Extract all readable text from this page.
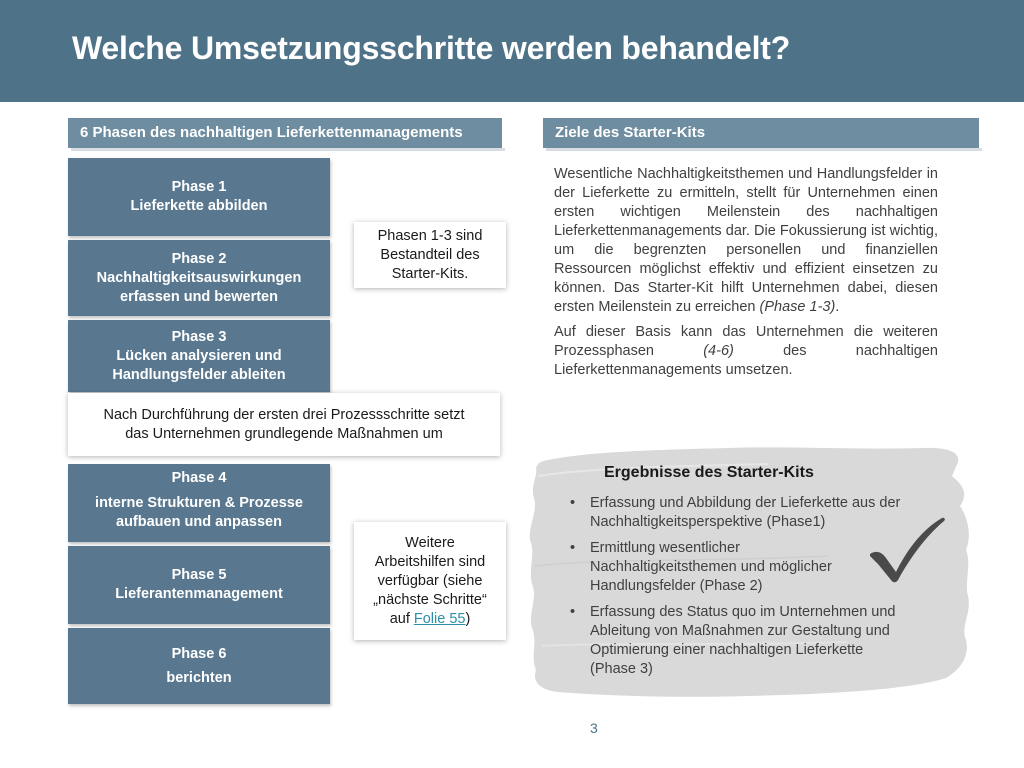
Welche Umsetzungsschritte werden behandelt?
6 Phasen des nachhaltigen Lieferkettenmanagements	Ziele des Starter-Kits
Phase 1
Lieferkette abbilden
Phase 2
Nachhaltigkeitsauswirkungen
erfassen und bewerten
Phase 3
Lücken analysieren und
Handlungsfelder ableiten
Nach Durchführung der ersten drei Prozessschritte setzt
das Unternehmen grundlegende Maßnahmen um
Phase 4
interne Strukturen & Prozesse
aufbauen und anpassen
Phase 5
Lieferantenmanagement
Phase 6
berichten
Phasen 1-3 sind
Bestandteil des
Starter-Kits.
Weitere
Arbeitshilfen sind
verfügbar (siehe
„nächste Schritte“
auf Folie 55)

Wesentliche Nachhaltigkeitsthemen und Handlungsfelder in der Lieferkette zu ermitteln, stellt für Unternehmen einen ersten wichtigen Meilenstein des nachhaltigen Lieferkettenmanagements dar. Die Fokussierung ist wichtig, um die begrenzten personellen und finanziellen Ressourcen möglichst effektiv und effizient einsetzen zu können. Das Starter-Kit hilft Unternehmen dabei, diesen ersten Meilenstein zu erreichen (Phase 1-3).

Auf dieser Basis kann das Unternehmen die weiteren Prozessphasen (4-6) des nachhaltigen Lieferkettenmanagements umsetzen.

Ergebnisse des Starter-Kits
• Erfassung und Abbildung der Lieferkette aus der Nachhaltigkeitsperspektive (Phase1)
• Ermittlung wesentlicher Nachhaltigkeitsthemen und möglicher Handlungsfelder (Phase 2)
• Erfassung des Status quo im Unternehmen und Ableitung von Maßnahmen zur Gestaltung und Optimierung einer nachhaltigen Lieferkette (Phase 3)
3
